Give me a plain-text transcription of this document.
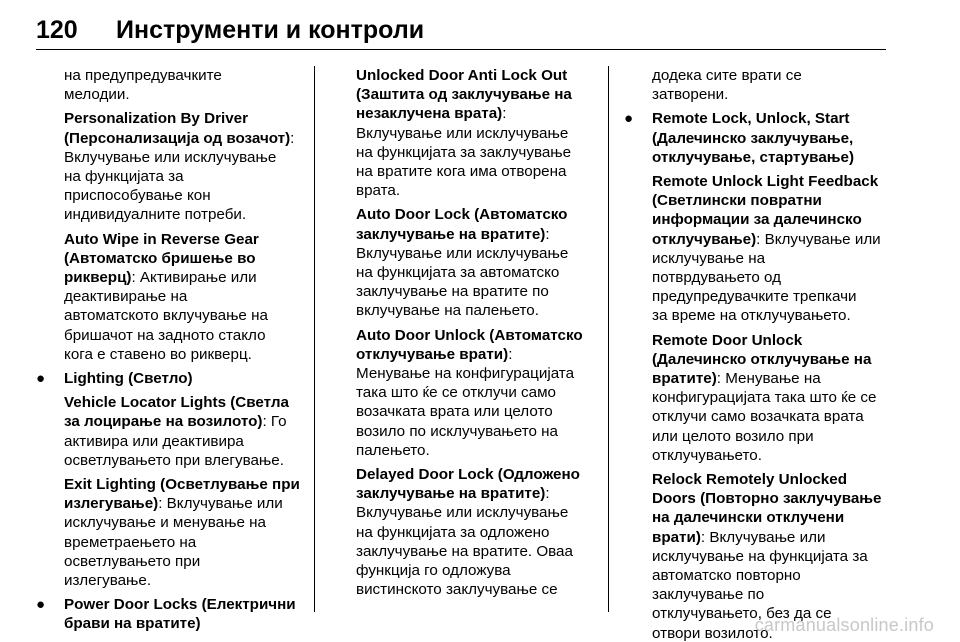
120 Инструменти и контроли
на предупредувачките
мелодии.
Personalization By Driver
(Персонализација од возачот):
Вклучување или исклучување
на функцијата за
приспособување кон
индивидуалните потреби.
Auto Wipe in Reverse Gear
(Автоматско бришење во
рикверц): Активирање или
деактивирање на
автоматскотo вклучување на
бришачот на задното стакло
кога е ставено во рикверц.
● Lighting (Светло)
Vehicle Locator Lights (Светла
за лоцирање на возилото): Го
активира или деактивира
осветлувањето при влегување.
Exit Lighting (Осветлување при
излегување): Вклучување или
исклучување и менување на
времетраењето на
осветлувањето при
излегување.
● Power Door Locks (Електрични
брави на вратите)
Unlocked Door Anti Lock Out
(Заштита од заклучување на
незаклучена врата):
Вклучување или исклучување
на функцијата за заклучување
на вратите кога има отворена
врата.
Auto Door Lock (Автоматско
заклучување на вратите):
Вклучување или исклучување
на функцијата за автоматско
заклучување на вратите по
вклучување на палењето.
Auto Door Unlock (Автоматско
отклучување врати):
Менување на конфигурацијата
така што ќе се отклучи само
возачката врата или целото
возило по исклучувањето на
палењето.
Delayed Door Lock (Одложено
заклучување на вратите):
Вклучување или исклучување
на функцијата за одложено
заклучување на вратите. Оваа
функција го одложува
вистинското заклучување се
додека сите врати се
затворени.
● Remote Lock, Unlock, Start
(Далечинско заклучување,
отклучување, стартување)
Remote Unlock Light Feedback
(Светлински повратни
информации за далечинско
отклучување): Вклучување или
исклучување на
потврдувањето од
предупредувачките трепкачи
за време на отклучувањето.
Remote Door Unlock
(Далечинско отклучување на
вратите): Менување на
конфигурацијата така што ќе се
отклучи само возачката врата
или целото возило при
отклучувањето.
Relock Remotely Unlocked
Doors (Повторно заклучување
на далечински отклучени
врати): Вклучување или
исклучување на функцијата за
автоматско повторно
заклучување по
отклучувањето, без да се
отвори возилото.
carmanualsonline.info
